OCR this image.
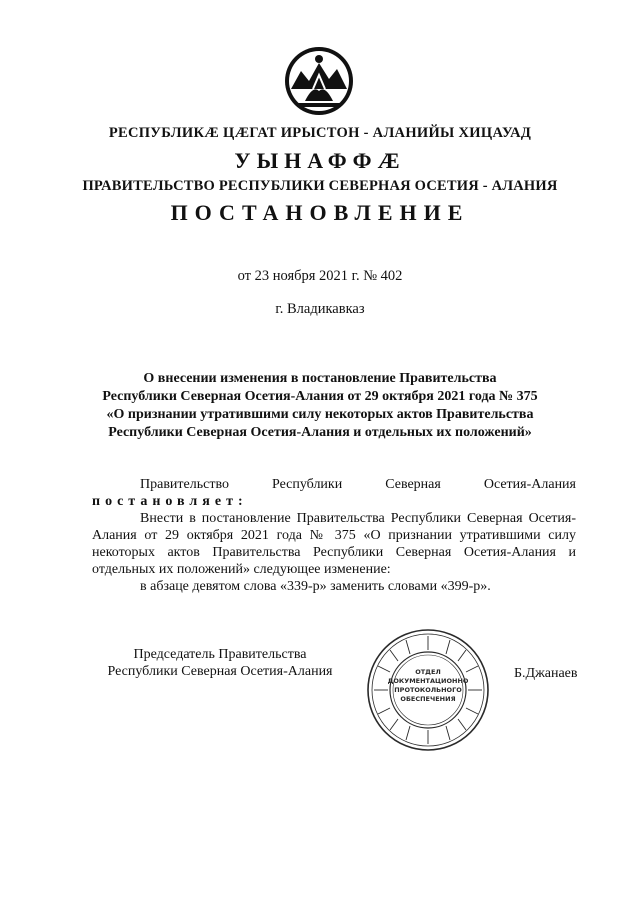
РЕСПУБЛИКӔ ЦӔГАТ ИРЫСТОН - АЛАНИЙЫ ХИЦАУАД
УЫНАФФӔ
ПРАВИТЕЛЬСТВО РЕСПУБЛИКИ СЕВЕРНАЯ ОСЕТИЯ - АЛАНИЯ
ПОСТАНОВЛЕНИЕ
от 23 ноября 2021 г. № 402
г. Владикавказ
О внесении изменения в постановление Правительства
Республики Северная Осетия-Алания от 29 октября 2021 года № 375
«О признании утратившими силу некоторых актов Правительства
Республики Северная Осетия-Алания и отдельных их положений»

Правительство Республики Северная Осетия-Алания постановляет:

Внести в постановление Правительства Республики Северная Осетия-Алания от 29 октября 2021 года № 375 «О признании утратившими силу некоторых актов Правительства Республики Северная Осетия-Алания и отдельных их положений» следующее изменение:

в абзаце девятом слова «339-р» заменить словами «399-р».

Председатель Правительства
Республики Северная Осетия-Алания	ОТДЕЛ
ДОКУМЕНТАЦИОННО
ПРОТОКОЛЬНОГО
ОБЕСПЕЧЕНИЯ
Б.Джанаев
